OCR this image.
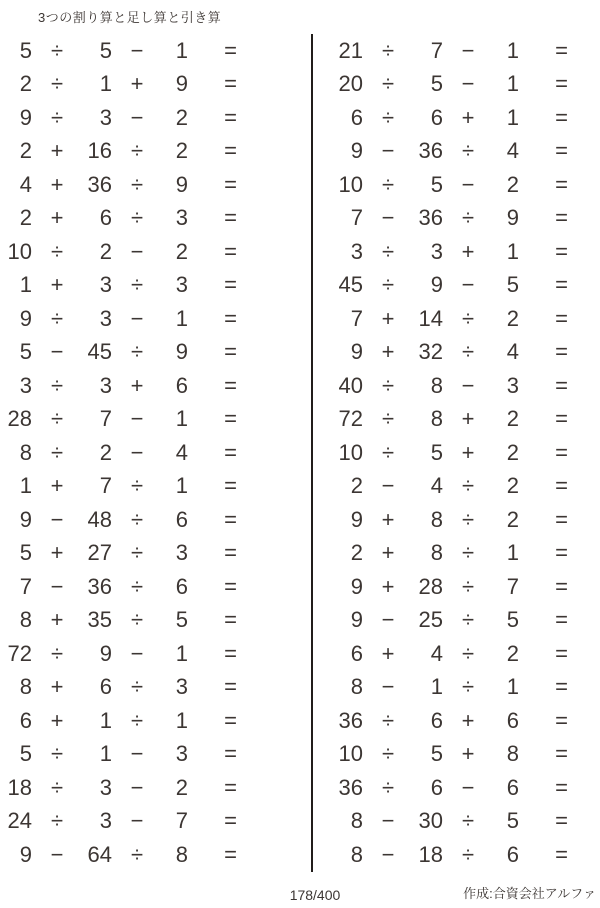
3つの割り算と足し算と引き算
5 ÷	5 −	1	=
2 ÷	1 +	9	=
9 ÷	3 −	2	=
2 +	16 ÷	2	=
4 +	36 ÷	9	=
2 +	6 ÷	3	=
10 ÷	2 −	2	=
1 +	3 ÷	3	=
9 ÷	3 −	1	=
5 −	45 ÷	9	=
3 ÷	3 +	6	=
28 ÷	7 −	1	=
8 ÷	2 −	4	=
1 +	7 ÷	1	=
9 −	48 ÷	6	=
5 +	27 ÷	3	=
7 −	36 ÷	6	=
8 +	35 ÷	5	=
72 ÷	9 −	1	=
8 +	6 ÷	3	=
6 +	1 ÷	1	=
5 ÷	1 −	3	=
18 ÷	3 −	2	=
24 ÷	3 −	7	=
9 −	64 ÷	8	=
21 ÷	7 −	1	=
20 ÷	5 −	1	=
6 ÷	6 +	1	=
9 −	36 ÷	4	=
10 ÷	5 −	2	=
7 −	36 ÷	9	=
3 ÷	3 +	1	=
45 ÷	9 −	5	=
7 +	14 ÷	2	=
9 +	32 ÷	4	=
40 ÷	8 −	3	=
72 ÷	8 +	2	=
10 ÷	5 +	2	=
2 −	4 ÷	2	=
9 +	8 ÷	2	=
2 +	8 ÷	1	=
9 +	28 ÷	7	=
9 −	25 ÷	5	=
6 +	4 ÷	2	=
8 −	1 ÷	1	=
36 ÷	6 +	6	=
10 ÷	5 +	8	=
36 ÷	6 −	6	=
8 −	30 ÷	5	=
8 −	18 ÷	6	=
178/400	作成:合資会社アルファ
